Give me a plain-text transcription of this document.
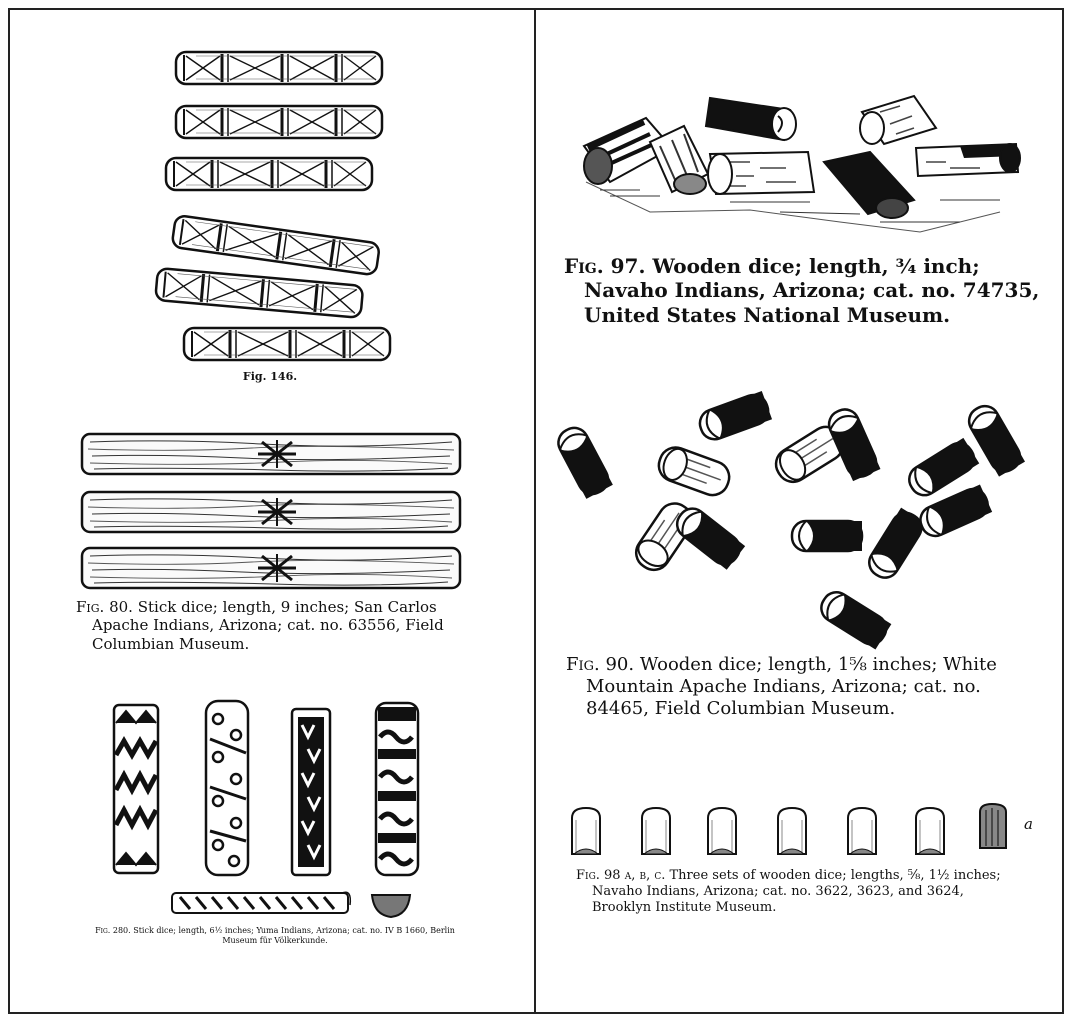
Fig. 146.
Fig. 80. Stick dice; length, 9 inches; San Carlos
Apache Indians, Arizona; cat. no. 63556, Field
Columbian Museum.
Fig. 280. Stick dice; length, 6½ inches; Yuma Indians, Arizona; cat. no. IV B 1660, Berlin
Museum für Völkerkunde.
Fig. 97. Wooden dice; length, ¾ inch;
Navaho Indians, Arizona; cat. no. 74735,
United States National Museum.
Fig. 90. Wooden dice; length, 1⅝ inches; White
Mountain Apache Indians, Arizona; cat. no.
84465, Field Columbian Museum.
a
Fig. 98 a, b, c. Three sets of wooden dice; lengths, ⅝, 1½ inches;
Navaho Indians, Arizona; cat. no. 3622, 3623, and 3624,
Brooklyn Institute Museum.
